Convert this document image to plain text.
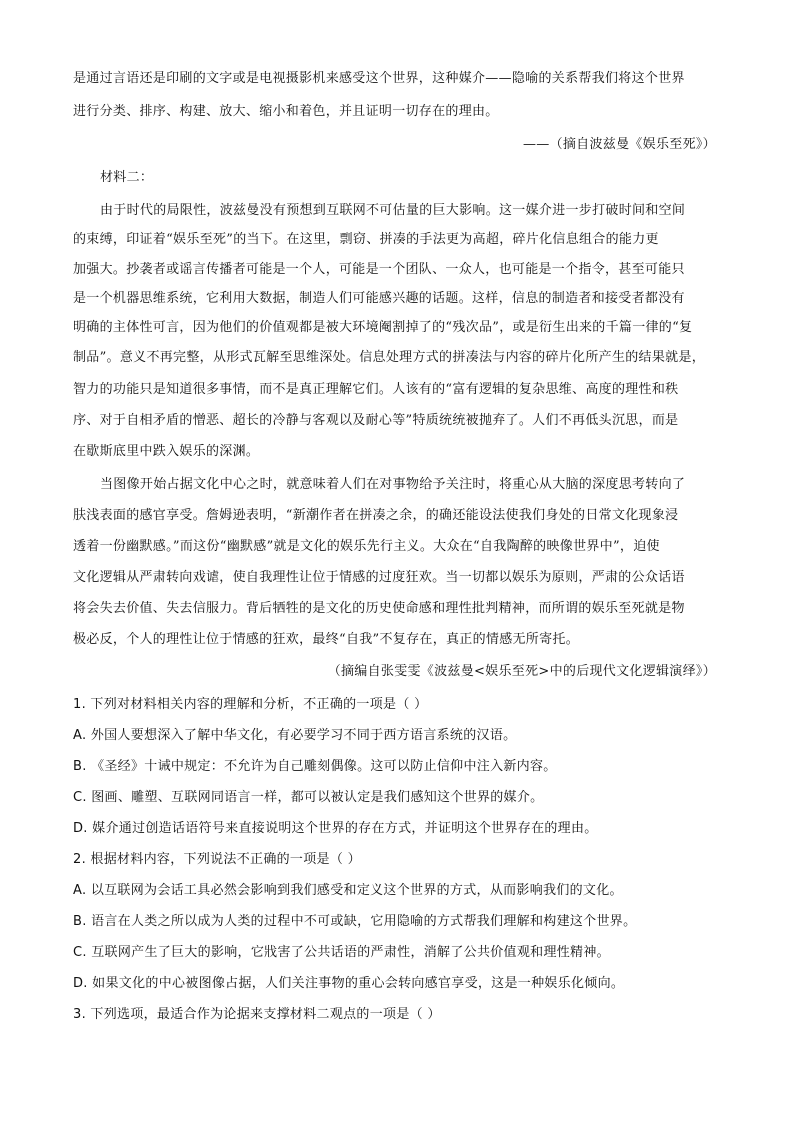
是通过言语还是印刷的文字或是电视摄影机来感受这个世界，这种媒介——隐喻的关系帮我们将这个世界
进行分类、排序、构建、放大、缩小和着色，并且证明一切存在的理由。
——（摘自波兹曼《娱乐至死》）
材料二：
由于时代的局限性，波兹曼没有预想到互联网不可估量的巨大影响。这一媒介进一步打破时间和空间
的束缚，印证着“娱乐至死”的当下。在这里，剽窃、拼凑的手法更为高超，碎片化信息组合的能力更
加强大。抄袭者或谣言传播者可能是一个人，可能是一个团队、一众人，也可能是一个指令，甚至可能只
是一个机器思维系统，它利用大数据，制造人们可能感兴趣的话题。这样，信息的制造者和接受者都没有
明确的主体性可言，因为他们的价值观都是被大环境阉割掉了的“残次品”，或是衍生出来的千篇一律的“复
制品”。意义不再完整，从形式瓦解至思维深处。信息处理方式的拼凑法与内容的碎片化所产生的结果就是，
智力的功能只是知道很多事情，而不是真正理解它们。人该有的“富有逻辑的复杂思维、高度的理性和秩
序、对于自相矛盾的憎恶、超长的冷静与客观以及耐心等”特质统统被抛弃了。人们不再低头沉思，而是
在歇斯底里中跌入娱乐的深渊。
当图像开始占据文化中心之时，就意味着人们在对事物给予关注时，将重心从大脑的深度思考转向了
肤浅表面的感官享受。詹姆逊表明，“新潮作者在拼凑之余，的确还能设法使我们身处的日常文化现象浸
透着一份幽默感。”而这份“幽默感”就是文化的娱乐先行主义。大众在“自我陶醉的映像世界中”，迫使
文化逻辑从严肃转向戏谑，使自我理性让位于情感的过度狂欢。当一切都以娱乐为原则，严肃的公众话语
将会失去价值、失去信服力。背后牺牲的是文化的历史使命感和理性批判精神，而所谓的娱乐至死就是物
极必反，个人的理性让位于情感的狂欢，最终“自我”不复存在，真正的情感无所寄托。
（摘编自张雯雯《波兹曼<娱乐至死>中的后现代文化逻辑演绎》）
1. 下列对材料相关内容的理解和分析，不正确的一项是（ ）
A. 外国人要想深入了解中华文化，有必要学习不同于西方语言系统的汉语。
B. 《圣经》十诫中规定：不允许为自己雕刻偶像。这可以防止信仰中注入新内容。
C. 图画、雕塑、互联网同语言一样，都可以被认定是我们感知这个世界的媒介。
D. 媒介通过创造话语符号来直接说明这个世界的存在方式，并证明这个世界存在的理由。
2. 根据材料内容，下列说法不正确的一项是（ ）
A. 以互联网为会话工具必然会影响到我们感受和定义这个世界的方式，从而影响我们的文化。
B. 语言在人类之所以成为人类的过程中不可或缺，它用隐喻的方式帮我们理解和构建这个世界。
C. 互联网产生了巨大的影响，它戕害了公共话语的严肃性，消解了公共价值观和理性精神。
D. 如果文化的中心被图像占据，人们关注事物的重心会转向感官享受，这是一种娱乐化倾向。
3. 下列选项，最适合作为论据来支撑材料二观点的一项是（ ）
